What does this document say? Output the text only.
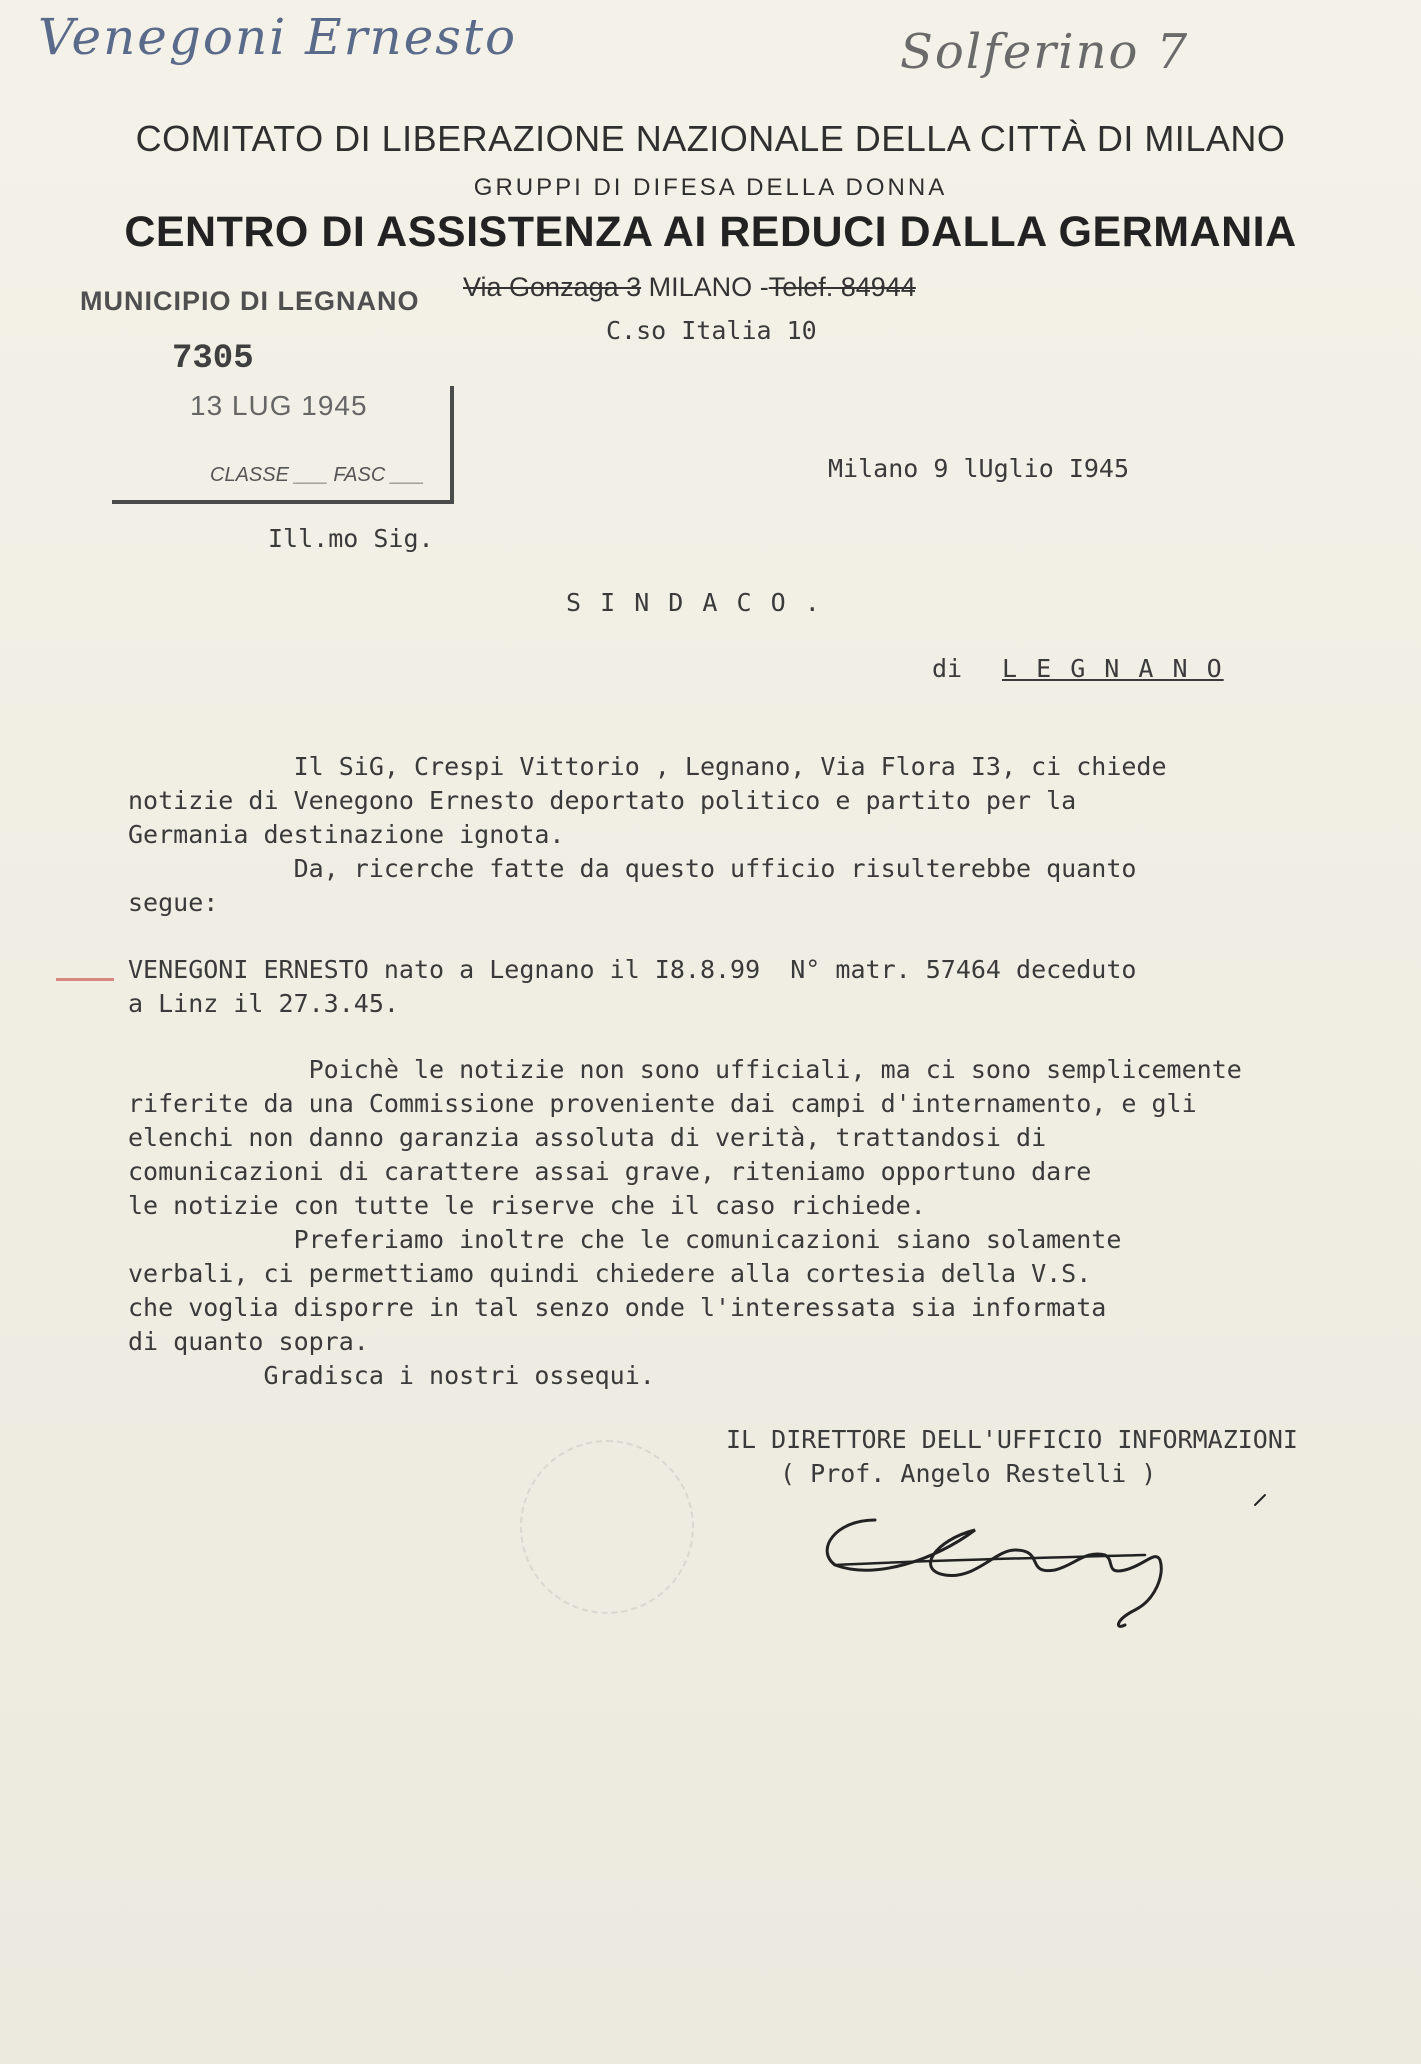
Venegoni Ernesto	Solferino 7
COMITATO DI LIBERAZIONE NAZIONALE DELLA CITTÀ DI MILANO
GRUPPI DI DIFESA DELLA DONNA
CENTRO DI ASSISTENZA AI REDUCI DALLA GERMANIA
Via Gonzaga 3 MILANO -Telef. 84944
C.so Italia 10
MUNICIPIO DI LEGNANO
7305
13 LUG 1945
CLASSE ___ FASC ___	Milano 9 lUglio I945
Ill.mo Sig.
S I N D A C O .
di L E G N A N O
Il SiG, Crespi Vittorio , Legnano, Via Flora I3, ci chiede
notizie di Venegono Ernesto deportato politico e partito per la
Germania destinazione ignota.
Da, ricerche fatte da questo ufficio risulterebbe quanto
segue:
VENEGONI ERNESTO nato a Legnano il I8.8.99  N° matr. 57464 deceduto
a Linz il 27.3.45.
Poichè le notizie non sono ufficiali, ma ci sono semplicemente
riferite da una Commissione proveniente dai campi d'internamento, e gli
elenchi non danno garanzia assoluta di verità, trattandosi di
comunicazioni di carattere assai grave, riteniamo opportuno dare
le notizie con tutte le riserve che il caso richiede.
Preferiamo inoltre che le comunicazioni siano solamente
verbali, ci permettiamo quindi chiedere alla cortesia della V.S.
che voglia disporre in tal senzo onde l'interessata sia informata
di quanto sopra.
Gradisca i nostri ossequi.
IL DIRETTORE DELL'UFFICIO INFORMAZIONI
( Prof. Angelo Restelli )
